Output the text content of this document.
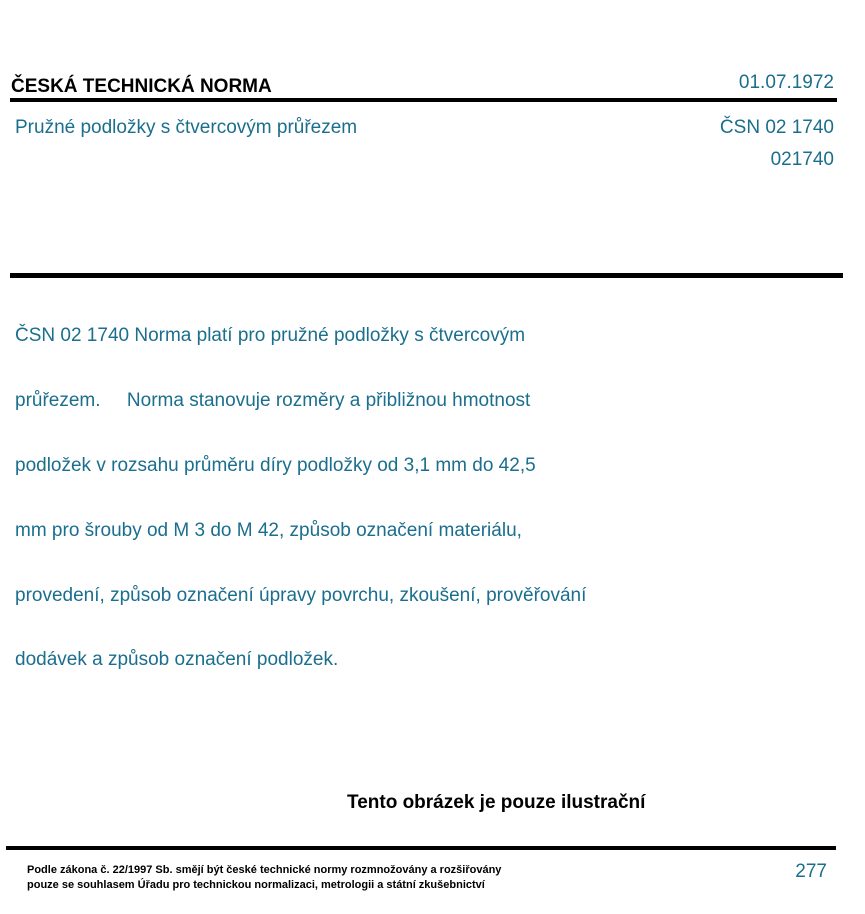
ČESKÁ TECHNICKÁ NORMA	01.07.1972
Pružné podložky s čtvercovým průřezem	ČSN 02 1740
021740

ČSN 02 1740 Norma platí pro pružné podložky s čtvercovým

průřezem.     Norma stanovuje rozměry a přibližnou hmotnost

podložek v rozsahu průměru díry podložky od 3,1 mm do 42,5

mm pro šrouby od M 3 do M 42, způsob označení materiálu,

provedení, způsob označení úpravy povrchu, zkoušení, prověřování

dodávek a způsob označení podložek.

Tento obrázek je pouze ilustrační
Podle zákona č. 22/1997 Sb. smějí být české technické normy rozmnožovány a rozšiřovány
pouze se souhlasem Úřadu pro technickou normalizaci, metrologii a státní zkušebnictví
277
